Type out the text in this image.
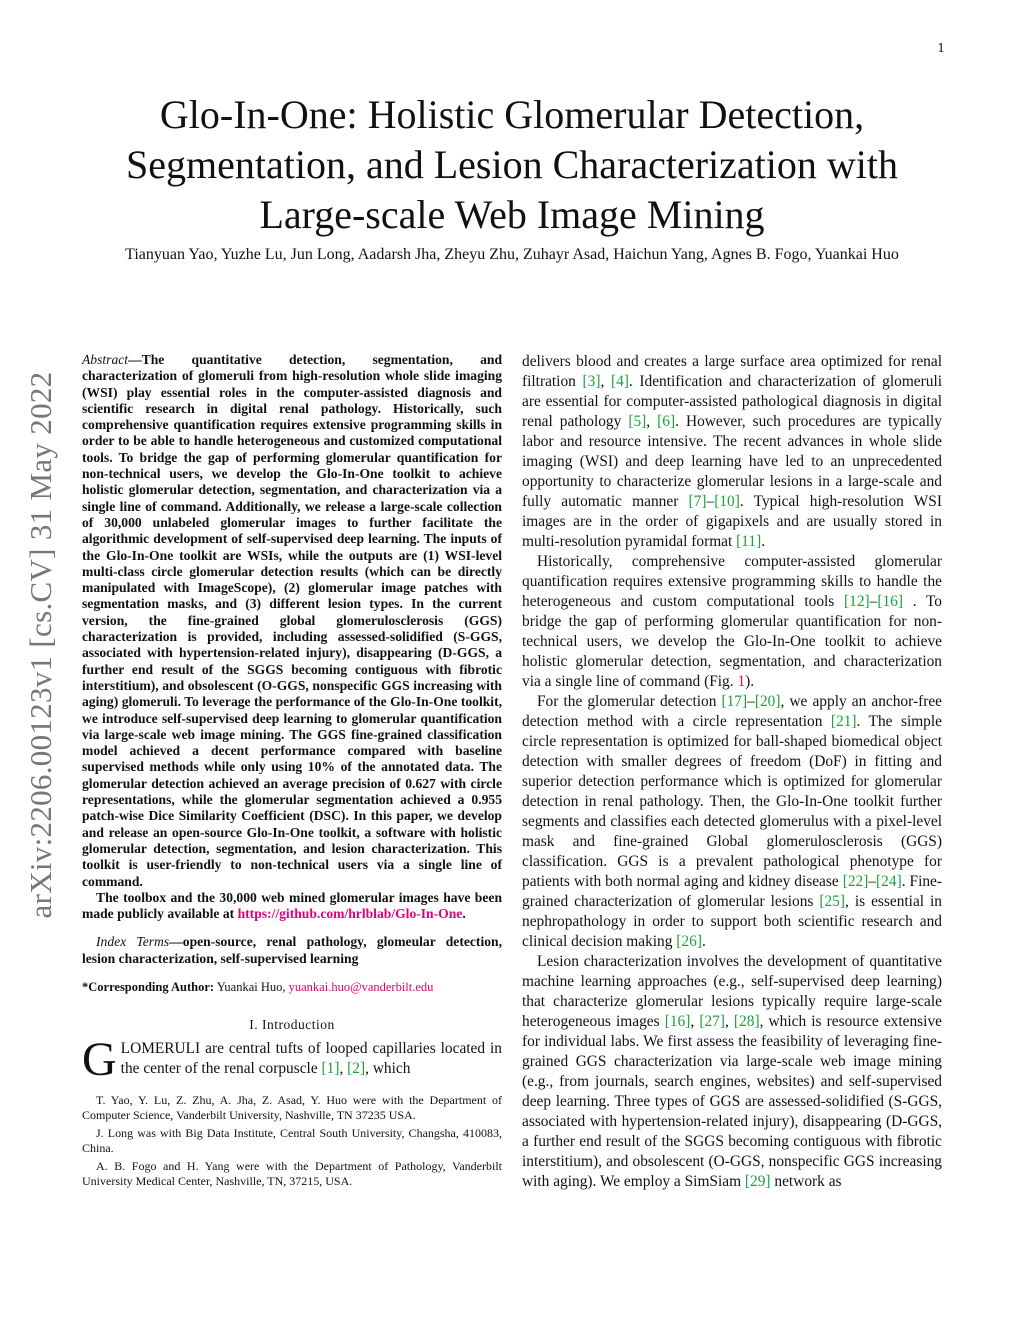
1
arXiv:2206.00123v1 [cs.CV] 31 May 2022
Glo-In-One: Holistic Glomerular Detection, Segmentation, and Lesion Characterization with Large-scale Web Image Mining
Tianyuan Yao, Yuzhe Lu, Jun Long, Aadarsh Jha, Zheyu Zhu, Zuhayr Asad, Haichun Yang, Agnes B. Fogo, Yuankai Huo

Abstract—The quantitative detection, segmentation, and characterization of glomeruli from high-resolution whole slide imaging (WSI) play essential roles in the computer-assisted diagnosis and scientific research in digital renal pathology. Historically, such comprehensive quantification requires extensive programming skills in order to be able to handle heterogeneous and customized computational tools. To bridge the gap of performing glomerular quantification for non-technical users, we develop the Glo-In-One toolkit to achieve holistic glomerular detection, segmentation, and characterization via a single line of command. Additionally, we release a large-scale collection of 30,000 unlabeled glomerular images to further facilitate the algorithmic development of self-supervised deep learning. The inputs of the Glo-In-One toolkit are WSIs, while the outputs are (1) WSI-level multi-class circle glomerular detection results (which can be directly manipulated with ImageScope), (2) glomerular image patches with segmentation masks, and (3) different lesion types. In the current version, the fine-grained global glomerulosclerosis (GGS) characterization is provided, including assessed-solidified (S-GGS, associated with hypertension-related injury), disappearing (D-GGS, a further end result of the SGGS becoming contiguous with fibrotic interstitium), and obsolescent (O-GGS, nonspecific GGS increasing with aging) glomeruli. To leverage the performance of the Glo-In-One toolkit, we introduce self-supervised deep learning to glomerular quantification via large-scale web image mining. The GGS fine-grained classification model achieved a decent performance compared with baseline supervised methods while only using 10% of the annotated data. The glomerular detection achieved an average precision of 0.627 with circle representations, while the glomerular segmentation achieved a 0.955 patch-wise Dice Similarity Coefficient (DSC). In this paper, we develop and release an open-source Glo-In-One toolkit, a software with holistic glomerular detection, segmentation, and lesion characterization. This toolkit is user-friendly to non-technical users via a single line of command.

The toolbox and the 30,000 web mined glomerular images have been made publicly available at https://github.com/hrlblab/Glo-In-One.

Index Terms—open-source, renal pathology, glomeular detection, lesion characterization, self-supervised learning

*Corresponding Author: Yuankai Huo, yuankai.huo@vanderbilt.edu

I. Introduction

GLOMERULI are central tufts of looped capillaries located in the center of the renal corpuscle [1], [2], which

T. Yao, Y. Lu, Z. Zhu, A. Jha, Z. Asad, Y. Huo were with the Department of Computer Science, Vanderbilt University, Nashville, TN 37235 USA.

J. Long was with Big Data Institute, Central South University, Changsha, 410083, China.

A. B. Fogo and H. Yang were with the Department of Pathology, Vanderbilt University Medical Center, Nashville, TN, 37215, USA.

delivers blood and creates a large surface area optimized for renal filtration [3], [4]. Identification and characterization of glomeruli are essential for computer-assisted pathological diagnosis in digital renal pathology [5], [6]. However, such procedures are typically labor and resource intensive. The recent advances in whole slide imaging (WSI) and deep learning have led to an unprecedented opportunity to characterize glomerular lesions in a large-scale and fully automatic manner [7]–[10]. Typical high-resolution WSI images are in the order of gigapixels and are usually stored in multi-resolution pyramidal format [11].

Historically, comprehensive computer-assisted glomerular quantification requires extensive programming skills to handle the heterogeneous and custom computational tools [12]–[16] . To bridge the gap of performing glomerular quantification for non-technical users, we develop the Glo-In-One toolkit to achieve holistic glomerular detection, segmentation, and characterization via a single line of command (Fig. 1).

For the glomerular detection [17]–[20], we apply an anchor-free detection method with a circle representation [21]. The simple circle representation is optimized for ball-shaped biomedical object detection with smaller degrees of freedom (DoF) in fitting and superior detection performance which is optimized for glomerular detection in renal pathology. Then, the Glo-In-One toolkit further segments and classifies each detected glomerulus with a pixel-level mask and fine-grained Global glomerulosclerosis (GGS) classification. GGS is a prevalent pathological phenotype for patients with both normal aging and kidney disease [22]–[24]. Fine-grained characterization of glomerular lesions [25], is essential in nephropathology in order to support both scientific research and clinical decision making [26].

Lesion characterization involves the development of quantitative machine learning approaches (e.g., self-supervised deep learning) that characterize glomerular lesions typically require large-scale heterogeneous images [16], [27], [28], which is resource extensive for individual labs. We first assess the feasibility of leveraging fine-grained GGS characterization via large-scale web image mining (e.g., from journals, search engines, websites) and self-supervised deep learning. Three types of GGS are assessed-solidified (S-GGS, associated with hypertension-related injury), disappearing (D-GGS, a further end result of the SGGS becoming contiguous with fibrotic interstitium), and obsolescent (O-GGS, nonspecific GGS increasing with aging). We employ a SimSiam [29] network as
